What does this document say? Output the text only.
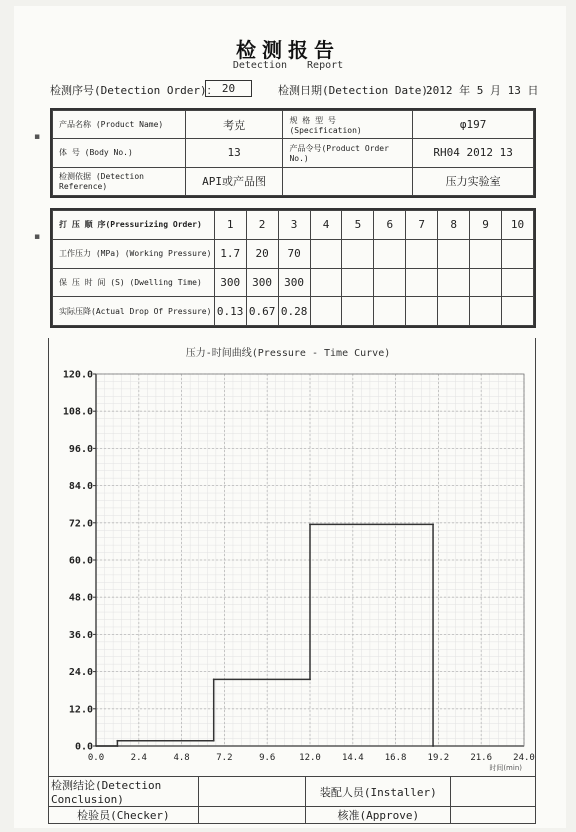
检测报告
Detection Report
检测序号(Detection Order)： 20	检测日期(Detection Date)：
2012 年 5 月 13 日
▪
▪
产品名称 (Product Name)	考克	规 格 型 号 (Specification)	φ197
体 号 (Body No.)	13	产品令号(Product Order No.)	RH04 2012 13
检测依据 (Detection Reference)	API或产品图		压力实验室
打 压 顺 序(Pressurizing Order)	1	2	3	4	5	6	7	8	9	10
工作压力 (MPa) (Working Pressure)	1.7	20	70							
保 压 时 间 (S) (Dwelling Time)	300	300	300							
实际压降(Actual Drop Of Pressure)	0.13	0.67	0.28							
压力-时间曲线(Pressure - Time Curve)
0.0
12.0
24.0
36.0
48.0
60.0
72.0
84.0
96.0
108.0
120.0
0.0	2.4	4.8	7.2	9.6	12.0 14.4 16.8 19.2 21.6 24.0
时间(min)
检测结论(Detection Conclusion)		装配人员(Installer)	
检验员(Checker)		核准(Approve)	
